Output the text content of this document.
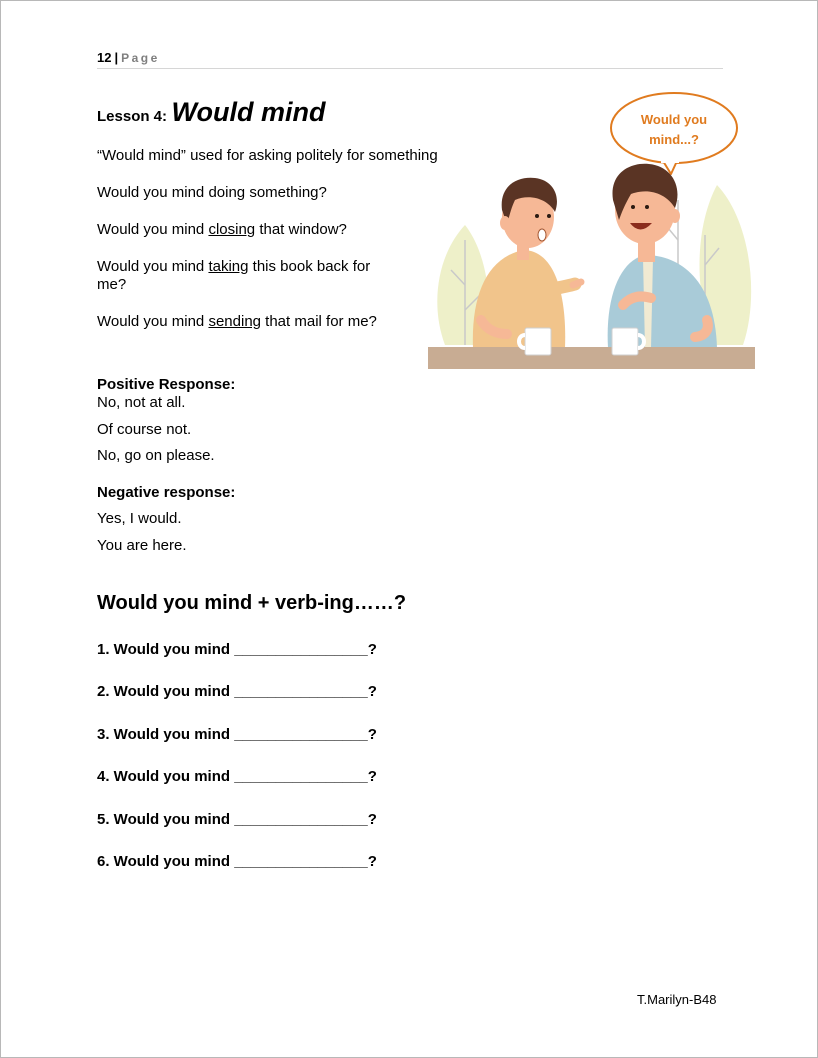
12 | Page
Lesson 4: Would mind
“Would mind” used for asking politely for something
Would you mind doing something?
Would you mind closing that window?
Would you mind taking this book back for
me?
Would you mind sending that mail for me?
Would you
mind...?
Positive Response:
No, not at all.
Of course not.
No, go on please.
Negative response:
Yes, I would.
You are here.
Would you mind + verb-ing……?
1. Would you mind ________________?
2. Would you mind ________________?
3. Would you mind ________________?
4. Would you mind ________________?
5. Would you mind ________________?
6. Would you mind ________________?
T.Marilyn-B48
